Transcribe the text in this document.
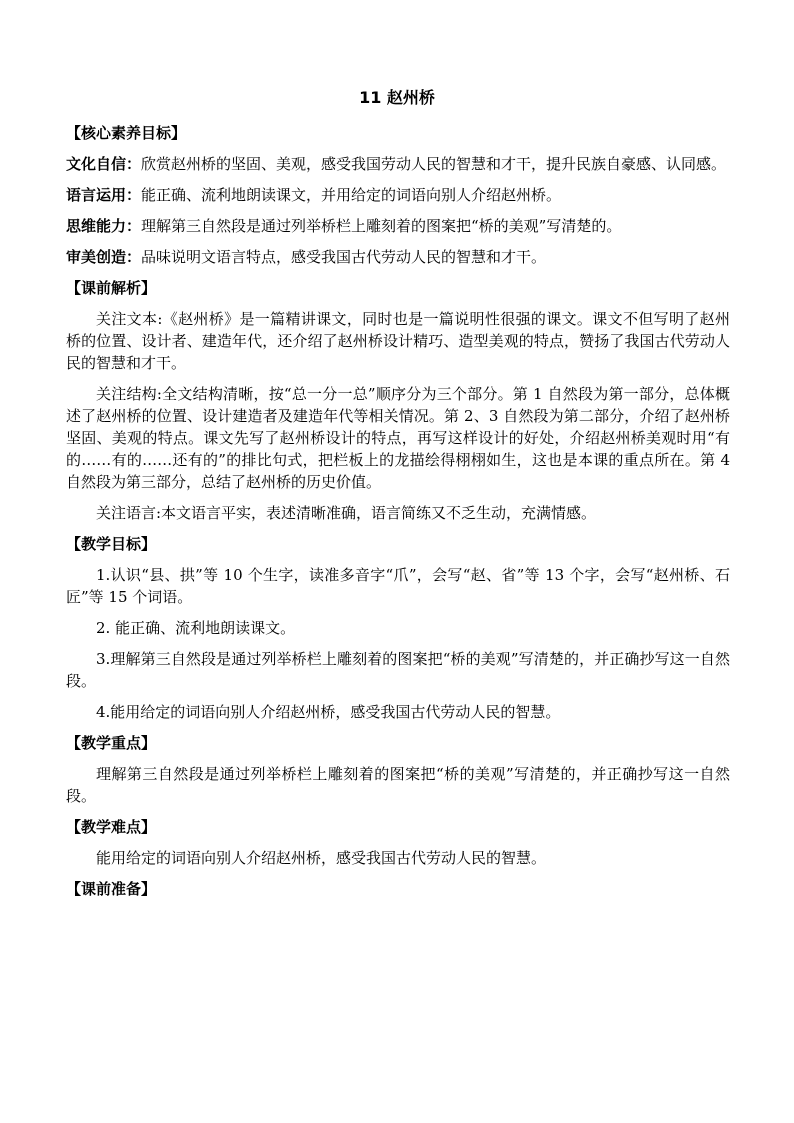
11 赵州桥
【核心素养目标】
文化自信：欣赏赵州桥的坚固、美观，感受我国劳动人民的智慧和才干，提升民族自豪感、认同感。
语言运用：能正确、流利地朗读课文，并用给定的词语向别人介绍赵州桥。
思维能力：理解第三自然段是通过列举桥栏上雕刻着的图案把“桥的美观”写清楚的。
审美创造：品味说明文语言特点，感受我国古代劳动人民的智慧和才干。
【课前解析】
关注文本:《赵州桥》是一篇精讲课文，同时也是一篇说明性很强的课文。课文不但写明了赵州桥的位置、设计者、建造年代，还介绍了赵州桥设计精巧、造型美观的特点，赞扬了我国古代劳动人民的智慧和才干。
关注结构:全文结构清晰，按“总一分一总”顺序分为三个部分。第 1 自然段为第一部分，总体概述了赵州桥的位置、设计建造者及建造年代等相关情况。第 2、3 自然段为第二部分，介绍了赵州桥坚固、美观的特点。课文先写了赵州桥设计的特点，再写这样设计的好处，介绍赵州桥美观时用“有的……有的……还有的”的排比句式，把栏板上的龙描绘得栩栩如生，这也是本课的重点所在。第 4 自然段为第三部分，总结了赵州桥的历史价值。
关注语言:本文语言平实，表述清晰准确，语言简练又不乏生动，充满情感。
【教学目标】
1.认识“县、拱”等 10 个生字，读准多音字“爪”，会写“赵、省”等 13 个字，会写“赵州桥、石匠”等 15 个词语。
2. 能正确、流利地朗读课文。
3.理解第三自然段是通过列举桥栏上雕刻着的图案把“桥的美观”写清楚的，并正确抄写这一自然段。
4.能用给定的词语向别人介绍赵州桥，感受我国古代劳动人民的智慧。
【教学重点】
理解第三自然段是通过列举桥栏上雕刻着的图案把“桥的美观”写清楚的，并正确抄写这一自然段。
【教学难点】
能用给定的词语向别人介绍赵州桥，感受我国古代劳动人民的智慧。
【课前准备】
